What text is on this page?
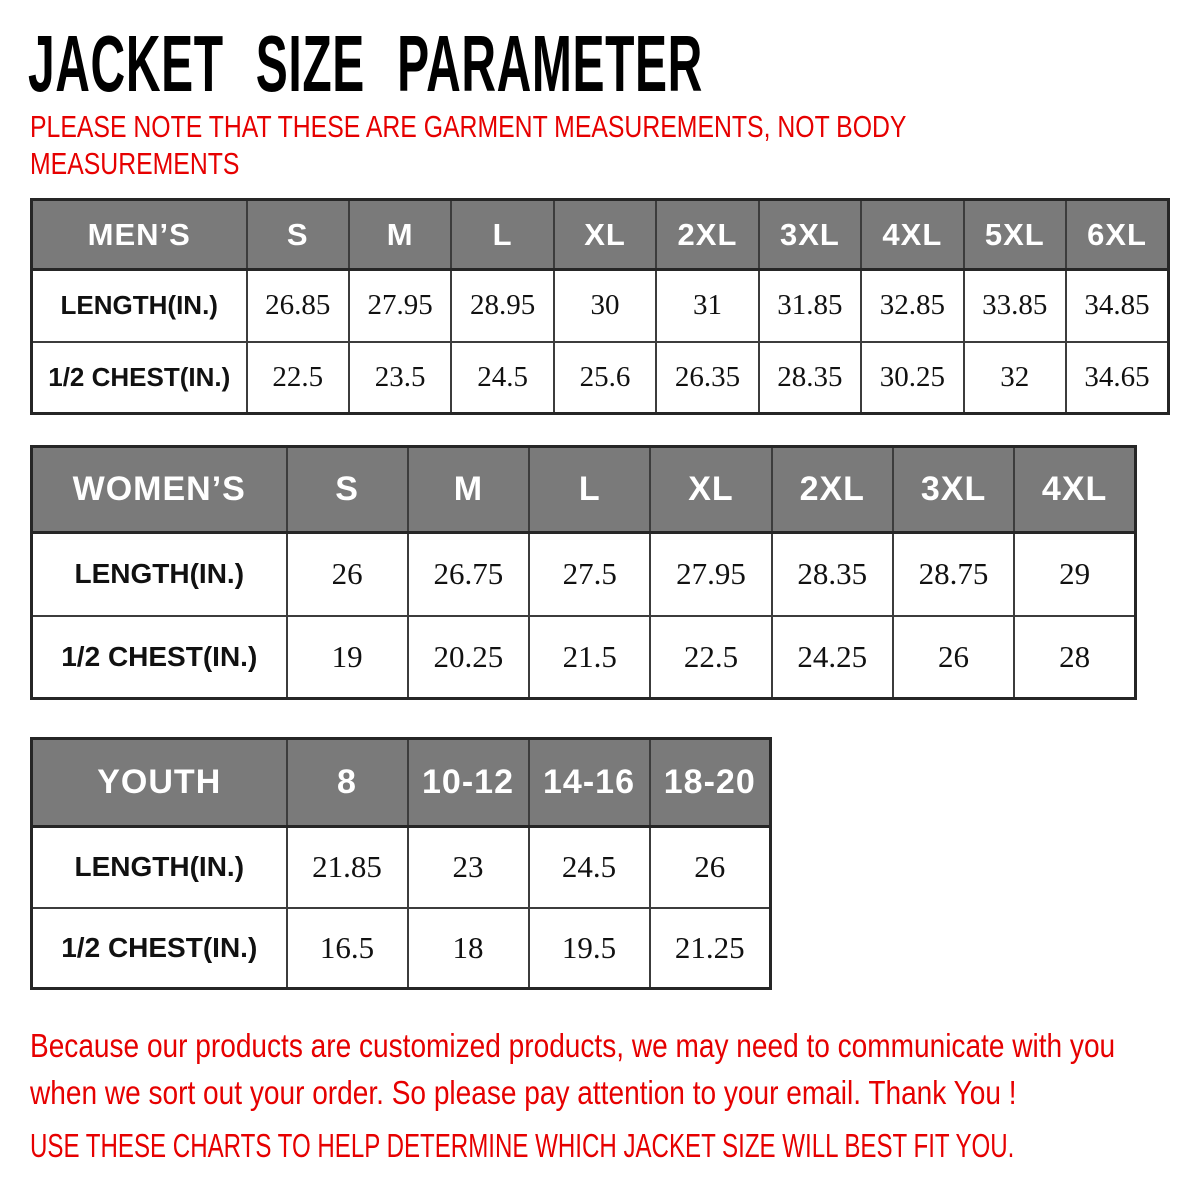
JACKET SIZE PARAMETER
PLEASE NOTE THAT THESE ARE GARMENT MEASUREMENTS, NOT BODY
MEASUREMENTS
MEN’S	S	M	L	XL	2XL	3XL	4XL	5XL	6XL
LENGTH(IN.)	26.85	27.95	28.95	30	31	31.85	32.85	33.85	34.85
1/2 CHEST(IN.)	22.5	23.5	24.5	25.6	26.35	28.35	30.25	32	34.65
WOMEN’S	S	M	L	XL	2XL	3XL	4XL
LENGTH(IN.)	26	26.75	27.5	27.95	28.35	28.75	29
1/2 CHEST(IN.)	19	20.25	21.5	22.5	24.25	26	28
YOUTH	8	10-12	14-16	18-20
LENGTH(IN.)	21.85	23	24.5	26
1/2 CHEST(IN.)	16.5	18	19.5	21.25
Because our products are customized products, we may need to communicate with you
when we sort out your order. So please pay attention to your email. Thank You !
USE THESE CHARTS TO HELP DETERMINE WHICH JACKET SIZE WILL BEST FIT YOU.
